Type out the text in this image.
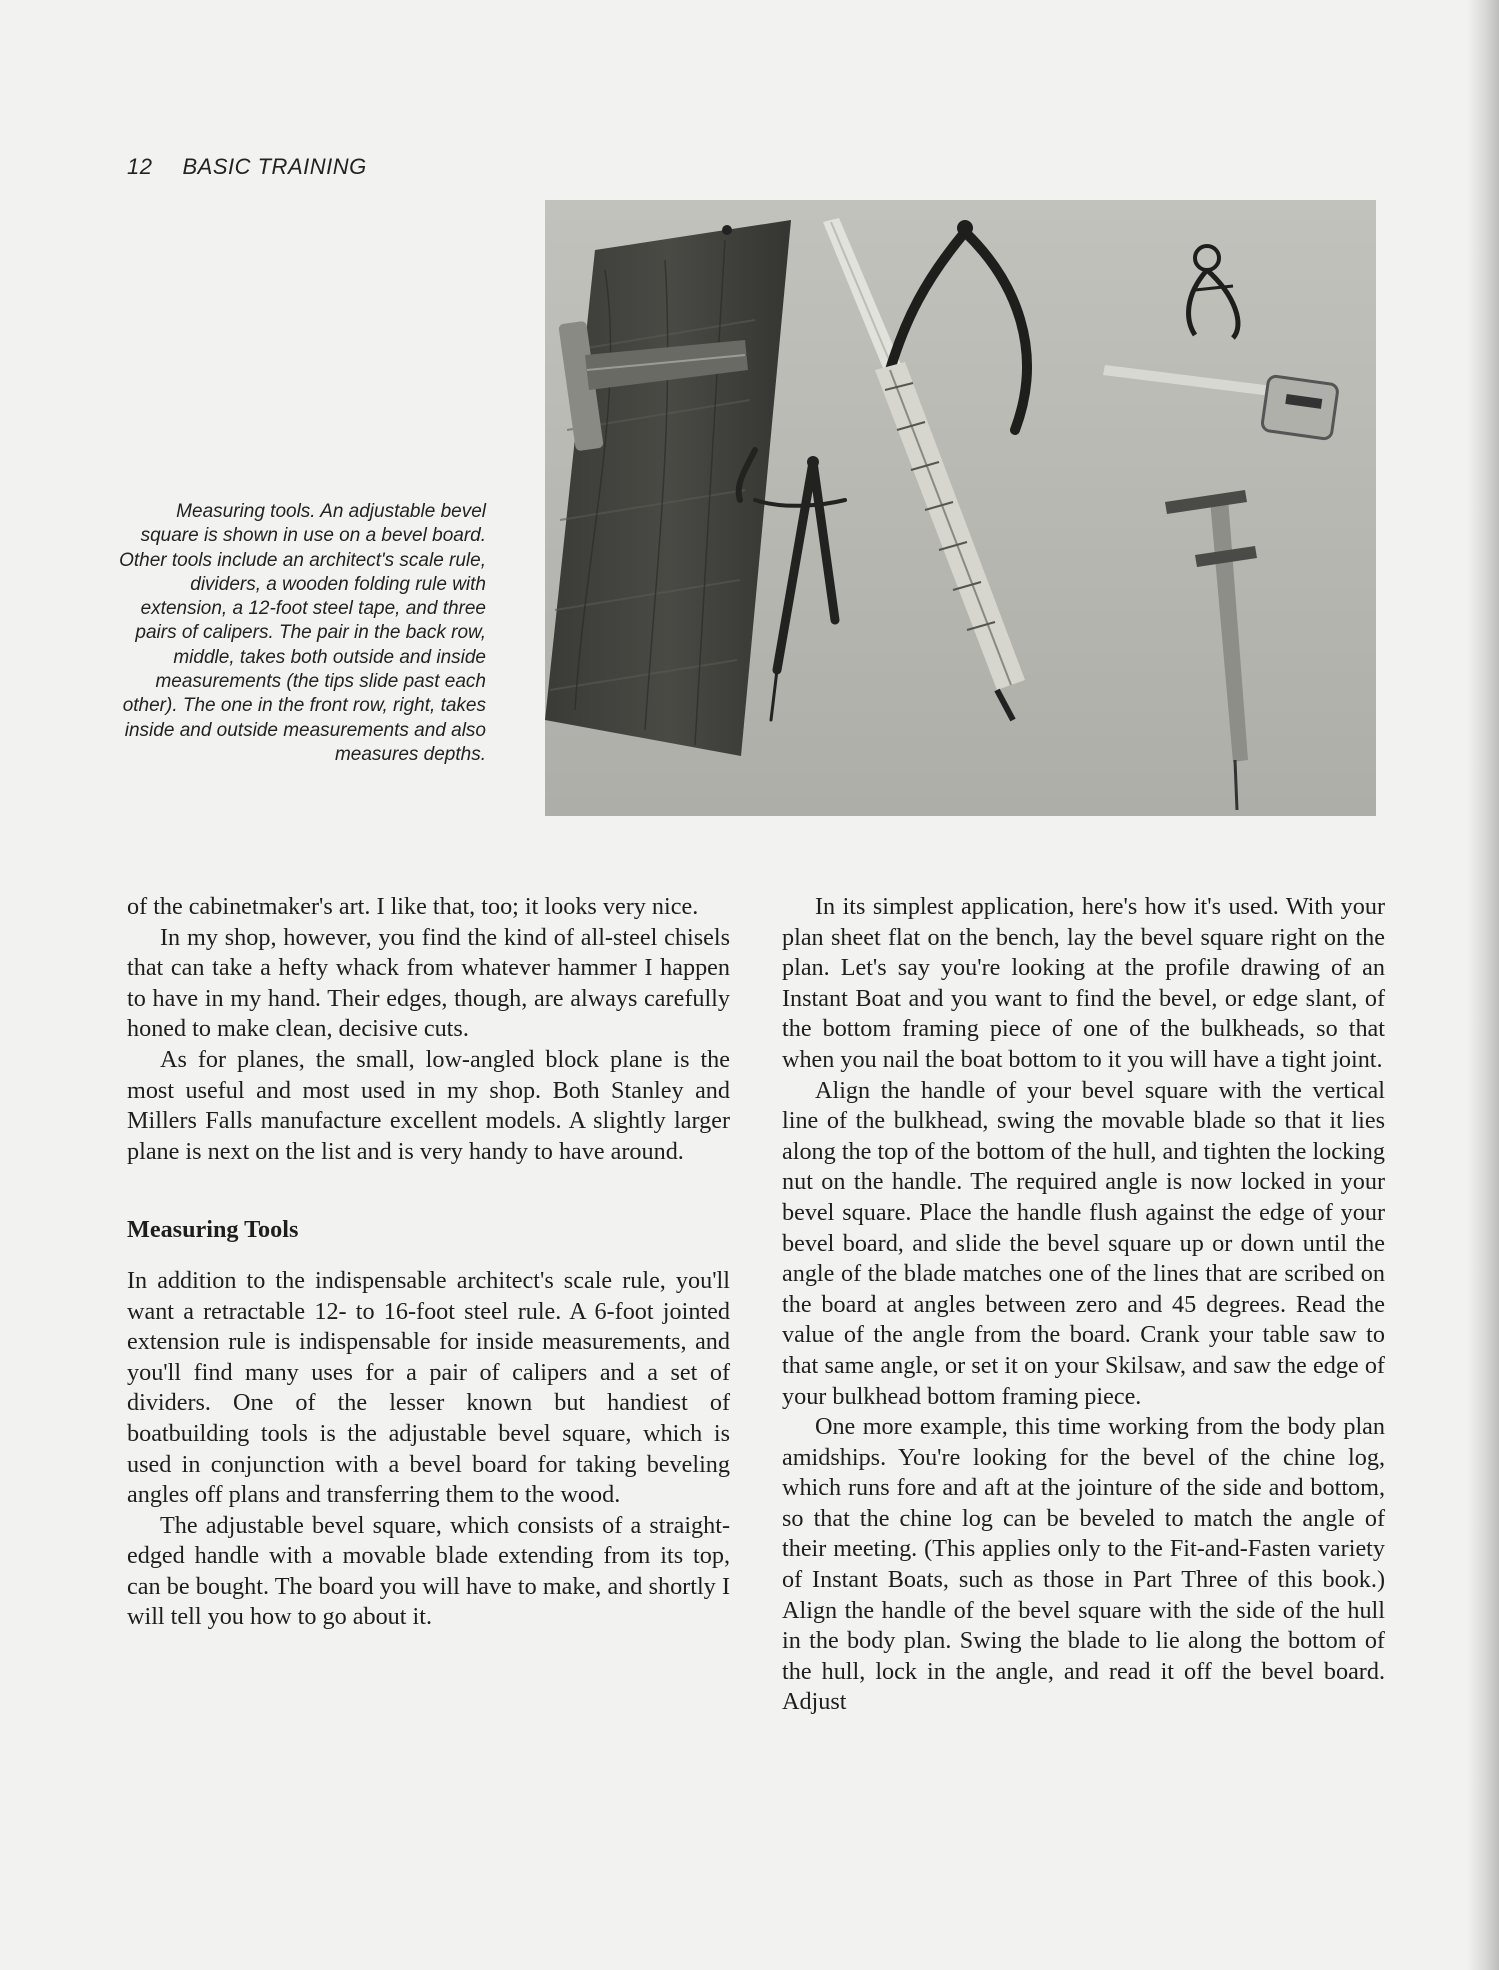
12 BASIC TRAINING
Measuring tools. An adjustable bevel square is shown in use on a bevel board. Other tools include an architect's scale rule, dividers, a wooden folding rule with extension, a 12-foot steel tape, and three pairs of calipers. The pair in the back row, middle, takes both outside and inside measurements (the tips slide past each other). The one in the front row, right, takes inside and outside measurements and also measures depths.

of the cabinetmaker's art. I like that, too; it looks very nice.

In my shop, however, you find the kind of all-steel chisels that can take a hefty whack from whatever hammer I happen to have in my hand. Their edges, though, are always carefully honed to make clean, decisive cuts.

As for planes, the small, low-angled block plane is the most useful and most used in my shop. Both Stanley and Millers Falls manufacture excellent models. A slightly larger plane is next on the list and is very handy to have around.

Measuring Tools

In addition to the indispensable architect's scale rule, you'll want a retractable 12- to 16-foot steel rule. A 6-foot jointed extension rule is indispensable for inside measurements, and you'll find many uses for a pair of calipers and a set of dividers. One of the lesser known but handiest of boatbuilding tools is the adjustable bevel square, which is used in conjunction with a bevel board for taking beveling angles off plans and transferring them to the wood.

The adjustable bevel square, which consists of a straight-edged handle with a movable blade extending from its top, can be bought. The board you will have to make, and shortly I will tell you how to go about it.

In its simplest application, here's how it's used. With your plan sheet flat on the bench, lay the bevel square right on the plan. Let's say you're looking at the profile drawing of an Instant Boat and you want to find the bevel, or edge slant, of the bottom framing piece of one of the bulkheads, so that when you nail the boat bottom to it you will have a tight joint.

Align the handle of your bevel square with the vertical line of the bulkhead, swing the movable blade so that it lies along the top of the bottom of the hull, and tighten the locking nut on the handle. The required angle is now locked in your bevel square. Place the handle flush against the edge of your bevel board, and slide the bevel square up or down until the angle of the blade matches one of the lines that are scribed on the board at angles between zero and 45 degrees. Read the value of the angle from the board. Crank your table saw to that same angle, or set it on your Skilsaw, and saw the edge of your bulkhead bottom framing piece.

One more example, this time working from the body plan amidships. You're looking for the bevel of the chine log, which runs fore and aft at the jointure of the side and bottom, so that the chine log can be beveled to match the angle of their meeting. (This applies only to the Fit-and-Fasten variety of Instant Boats, such as those in Part Three of this book.) Align the handle of the bevel square with the side of the hull in the body plan. Swing the blade to lie along the bottom of the hull, lock in the angle, and read it off the bevel board. Adjust
